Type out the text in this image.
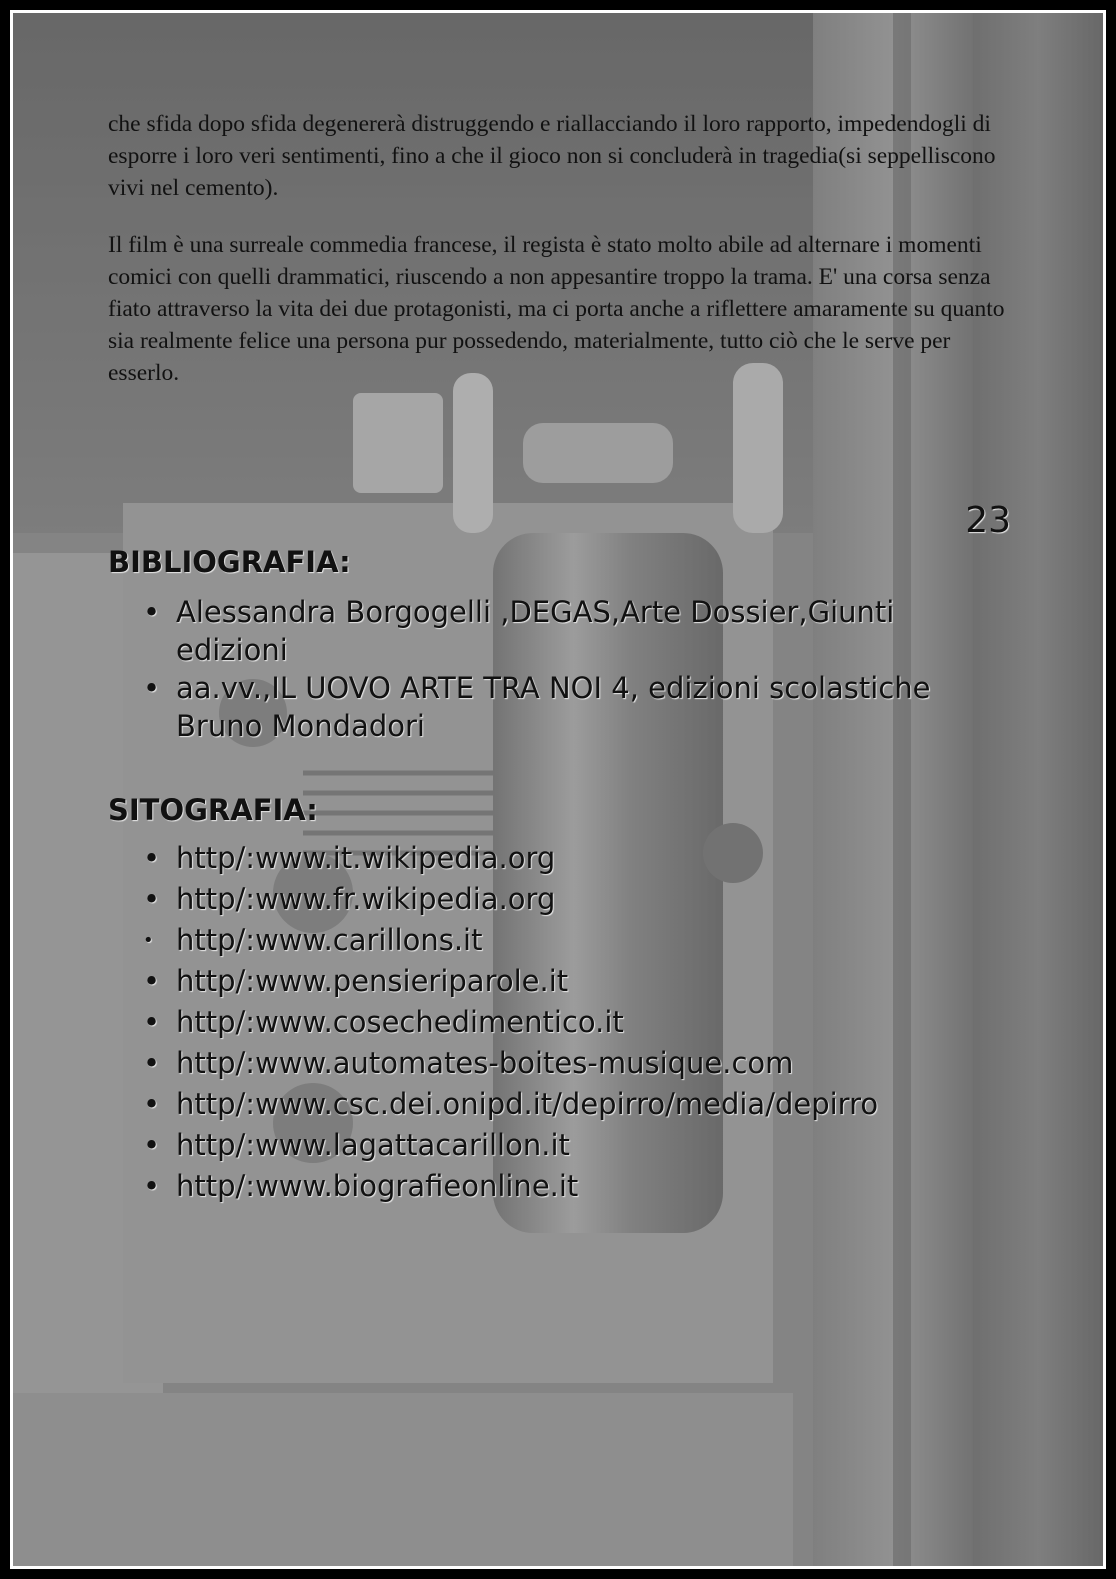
che sfida dopo sfida degenererà distruggendo e riallacciando il loro rapporto, impedendogli di esporre i loro veri sentimenti, fino a che il gioco non si concluderà in tragedia(si seppelliscono vivi nel cemento).
Il film è una surreale commedia francese, il regista è stato molto abile ad alternare i momenti comici con quelli drammatici, riuscendo a non appesantire troppo la trama. E' una corsa senza fiato attraverso la vita dei due protagonisti, ma ci porta anche a riflettere amaramente su quanto sia realmente felice una persona pur possedendo, materialmente, tutto ciò che le serve per esserlo.
23
BIBLIOGRAFIA:
• Alessandra Borgogelli ,DEGAS,Arte Dossier,Giunti edizioni
• aa.vv.,IL UOVO ARTE TRA NOI 4, edizioni scolastiche Bruno Mondadori
SITOGRAFIA:
• http/:www.it.wikipedia.org
• http/:www.fr.wikipedia.org
• http/:www.carillons.it
• http/:www.pensieriparole.it
• http/:www.cosechedimentico.it
• http/:www.automates-boites-musique.com
• http/:www.csc.dei.onipd.it/depirro/media/depirro
• http/:www.lagattacarillon.it
• http/:www.biografieonline.it
